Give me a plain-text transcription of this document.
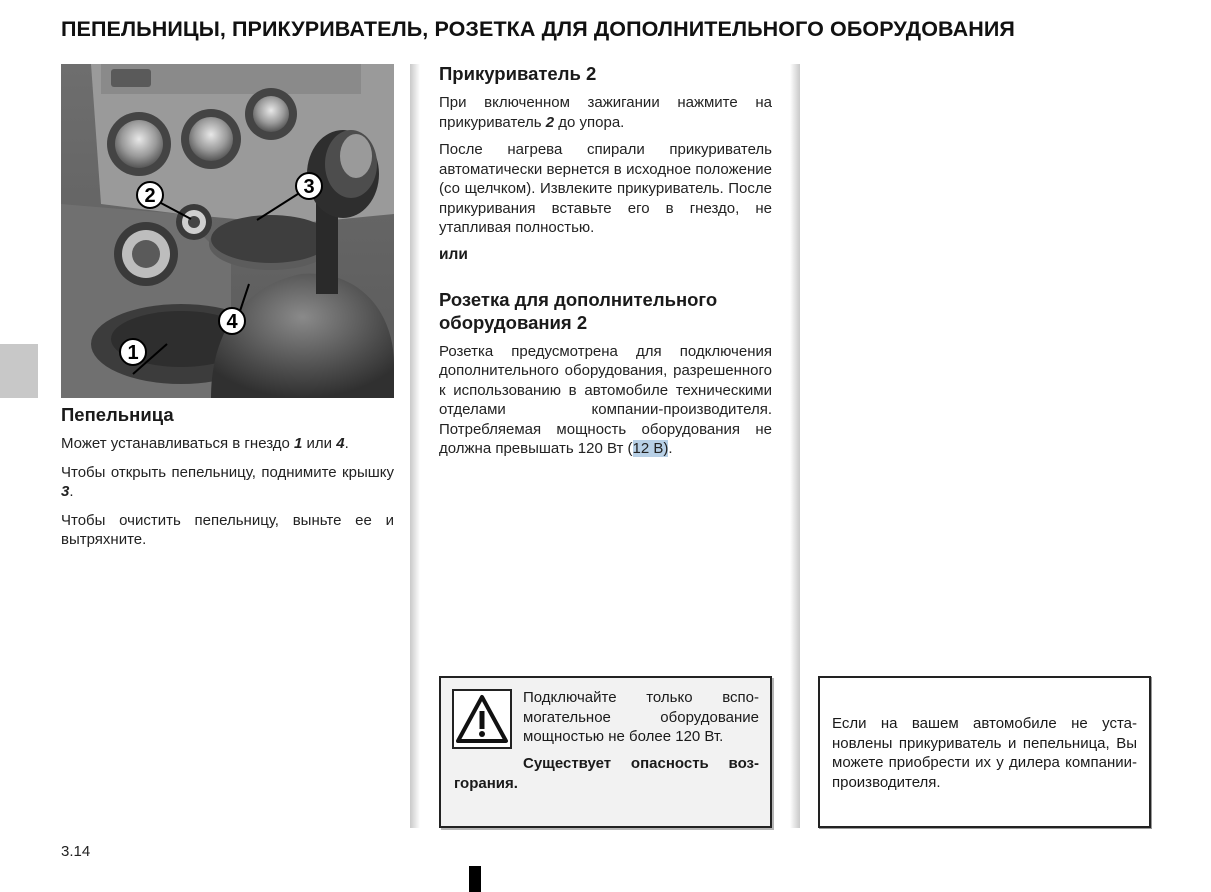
ПЕПЕЛЬНИЦЫ, ПРИКУРИВАТЕЛЬ, РОЗЕТКА ДЛЯ ДОПОЛНИТЕЛЬНОГО ОБОРУДОВАНИЯ
1
2	3
4
Пепельница

Может устанавливаться в гнездо 1 или 4.

Чтобы открыть пепельницу, поднимите крышку 3.

Чтобы очистить пепельницу, выньте ее и вытряхните.

Прикуриватель 2

При включенном зажигании нажмите на прикуриватель 2 до упора.

После нагрева спирали прикуриватель автоматически вернется в исходное положение (со щелчком). Извлеките прикуриватель. После прикуривания вставьте его в гнездо, не утапливая полностью.

или
Розетка для дополнительного
оборудования 2

Розетка предусмотрена для подключения дополнительного оборудования, разрешенного к использованию в автомобиле техническими отделами компании-производителя. Потребляемая мощность оборудования не должна превышать 120 Вт (12 В).

Подключайте только вспомогательное оборудование мощностью не более 120 Вт.
Существует опасность возгорания.
Если на вашем автомобиле не установлены прикуриватель и пепельница, Вы можете приобрести их у дилера компании-производителя.
3.14
